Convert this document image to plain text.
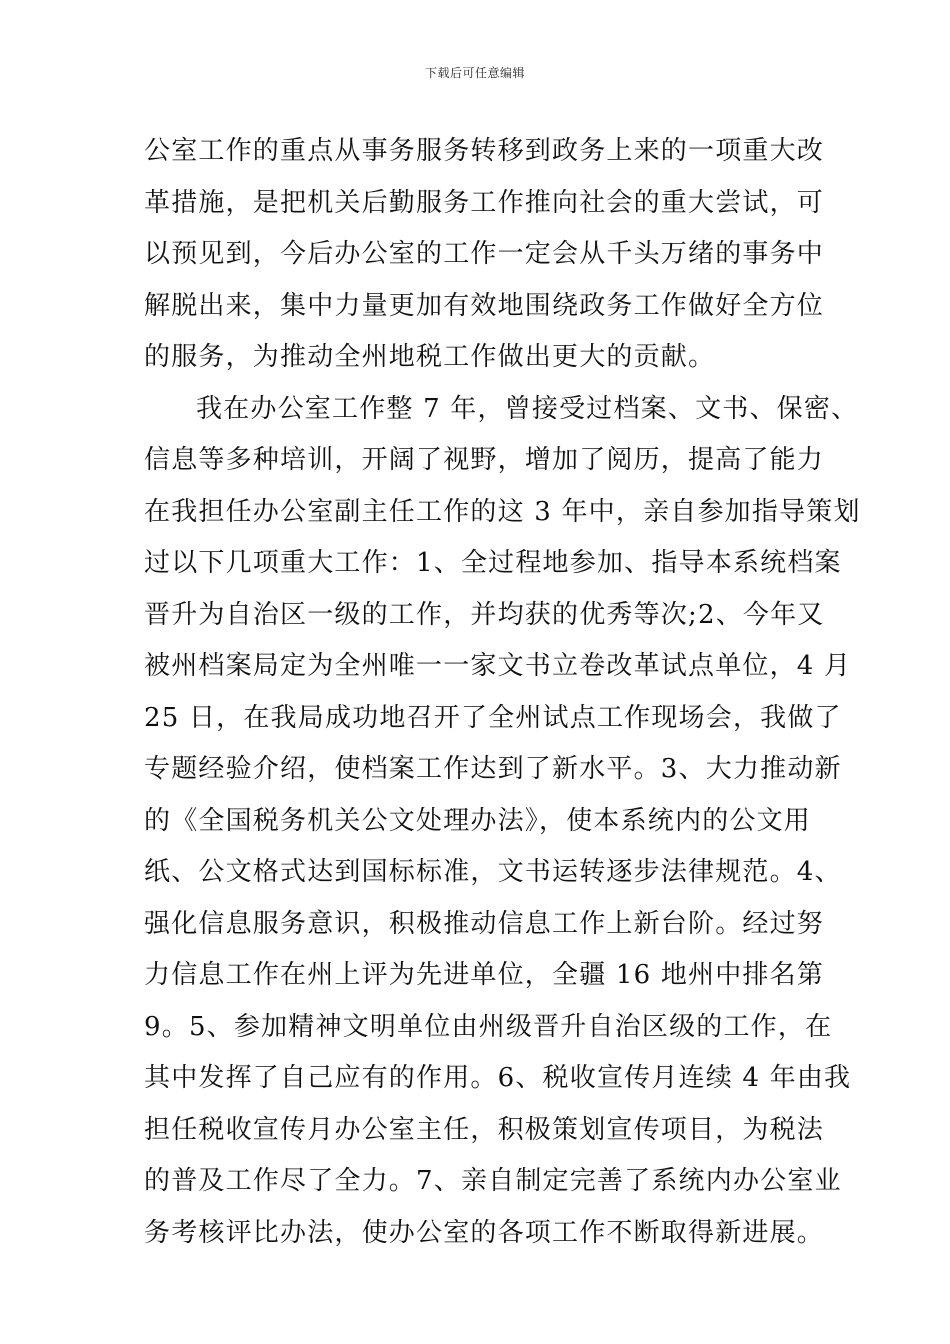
下载后可任意编辑
公室工作的重点从事务服务转移到政务上来的一项重大改
革措施，是把机关后勤服务工作推向社会的重大尝试，可
以预见到，今后办公室的工作一定会从千头万绪的事务中
解脱出来，集中力量更加有效地围绕政务工作做好全方位
的服务，为推动全州地税工作做出更大的贡献。
我在办公室工作整 7 年，曾接受过档案、文书、保密、
信息等多种培训，开阔了视野，增加了阅历，提高了能力
在我担任办公室副主任工作的这 3 年中，亲自参加指导策划
过以下几项重大工作：1、全过程地参加、指导本系统档案
晋升为自治区一级的工作，并均获的优秀等次;2、今年又
被州档案局定为全州唯一一家文书立卷改革试点单位，4 月
25 日，在我局成功地召开了全州试点工作现场会，我做了
专题经验介绍，使档案工作达到了新水平。3、大力推动新
的《全国税务机关公文处理办法》，使本系统内的公文用
纸、公文格式达到国标标准，文书运转逐步法律规范。4、
强化信息服务意识，积极推动信息工作上新台阶。经过努
力信息工作在州上评为先进单位，全疆 16 地州中排名第
9。5、参加精神文明单位由州级晋升自治区级的工作，在
其中发挥了自己应有的作用。6、税收宣传月连续 4 年由我
担任税收宣传月办公室主任，积极策划宣传项目，为税法
的普及工作尽了全力。7、亲自制定完善了系统内办公室业
务考核评比办法，使办公室的各项工作不断取得新进展。
